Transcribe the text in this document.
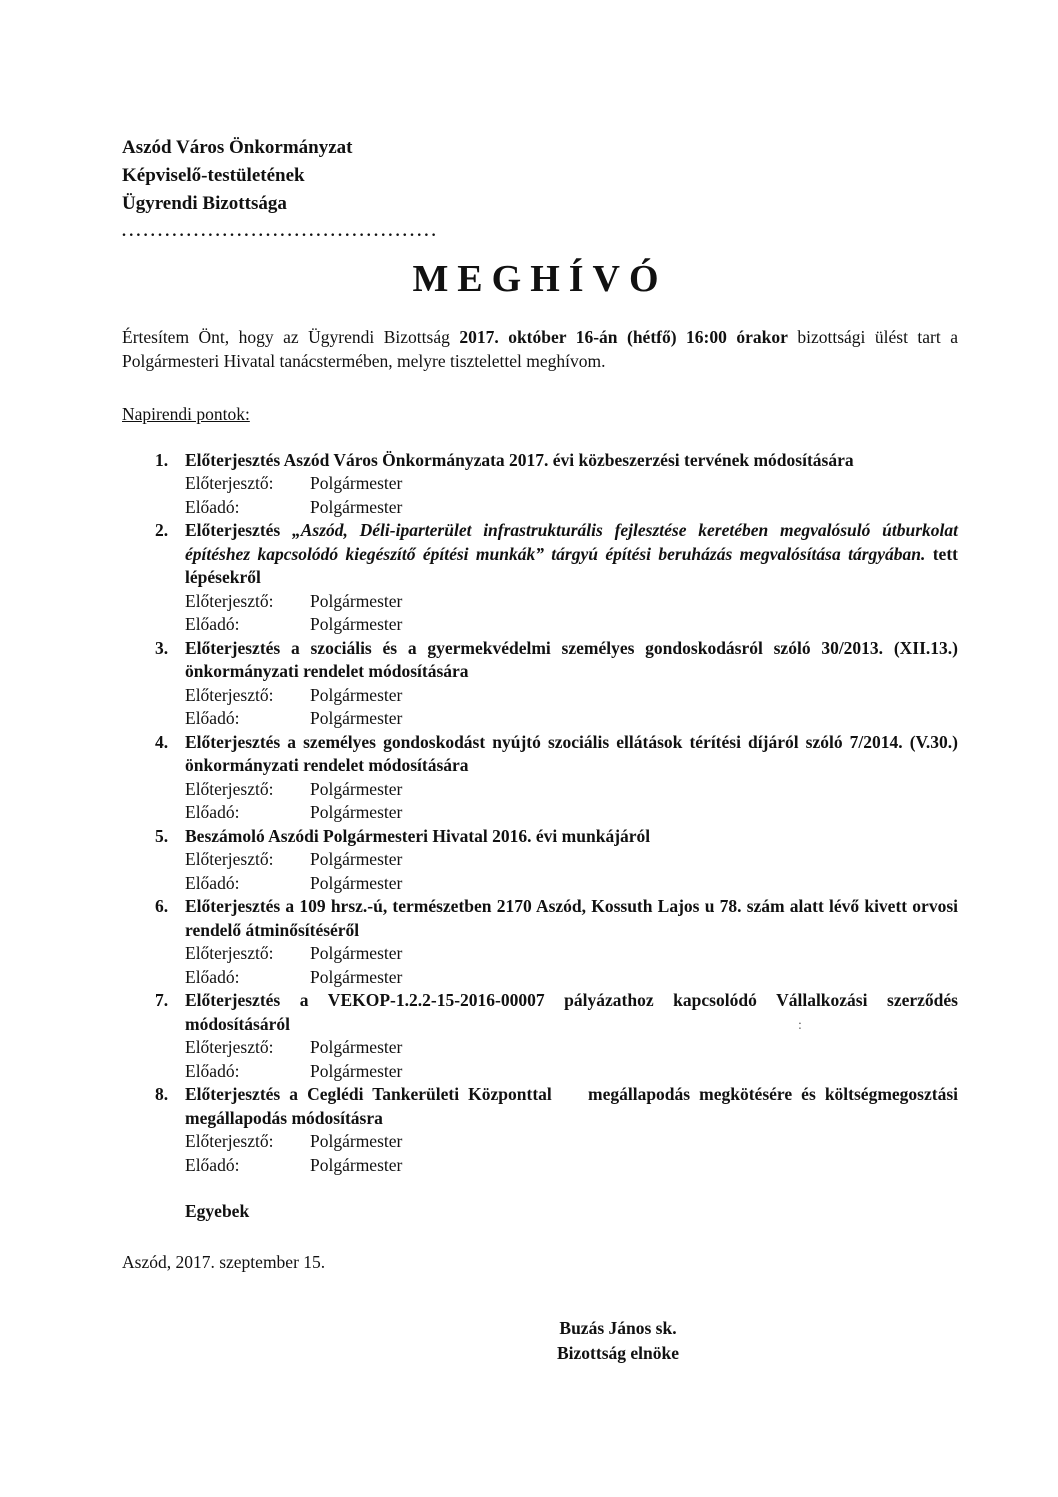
Aszód Város Önkormányzat
Képviselő-testületének
Ügyrendi Bizottsága
............................................
MEGHÍVÓ

Értesítem Önt, hogy az Ügyrendi Bizottság 2017. október 16-án (hétfő) 16:00 órakor bizottsági ülést tart a Polgármesteri Hivatal tanácstermében, melyre tisztelettel meghívom.

Napirendi pontok:

1. Előterjesztés Aszód Város Önkormányzata 2017. évi közbeszerzési tervének módosítására

Előterjesztő: Polgármester
Előadó:	Polgármester
2. Előterjesztés „Aszód, Déli-iparterület infrastrukturális fejlesztése keretében megvalósuló útburkolat építéshez kapcsolódó kiegészítő építési munkák” tárgyú építési beruházás megvalósítása tárgyában. tett lépésekről

Előterjesztő: Polgármester
Előadó:	Polgármester
3. Előterjesztés a szociális és a gyermekvédelmi személyes gondoskodásról szóló 30/2013. (XII.13.) önkormányzati rendelet módosítására

Előterjesztő: Polgármester
Előadó:	Polgármester
4. Előterjesztés a személyes gondoskodást nyújtó szociális ellátások térítési díjáról szóló 7/2014. (V.30.) önkormányzati rendelet módosítására

Előterjesztő: Polgármester
Előadó:	Polgármester
5. Beszámoló Aszódi Polgármesteri Hivatal 2016. évi munkájáról

Előterjesztő: Polgármester
Előadó:	Polgármester
6. Előterjesztés a 109 hrsz.-ú, természetben 2170 Aszód, Kossuth Lajos u 78. szám alatt lévő kivett orvosi rendelő átminősítéséről

Előterjesztő: Polgármester
Előadó:	Polgármester
7. Előterjesztés a VEKOP-1.2.2-15-2016-00007 pályázathoz kapcsolódó Vállalkozási szerződés módosításáról

Előterjesztő: Polgármester
Előadó:	Polgármester
8. Előterjesztés a Ceglédi Tankerületi Központtal    megállapodás megkötésére és költségmegosztási megállapodás módosításra

Előterjesztő: Polgármester
Előadó:	Polgármester

Egyebek

Aszód, 2017. szeptember 15.

Buzás János sk.

Bizottság elnöke

:
